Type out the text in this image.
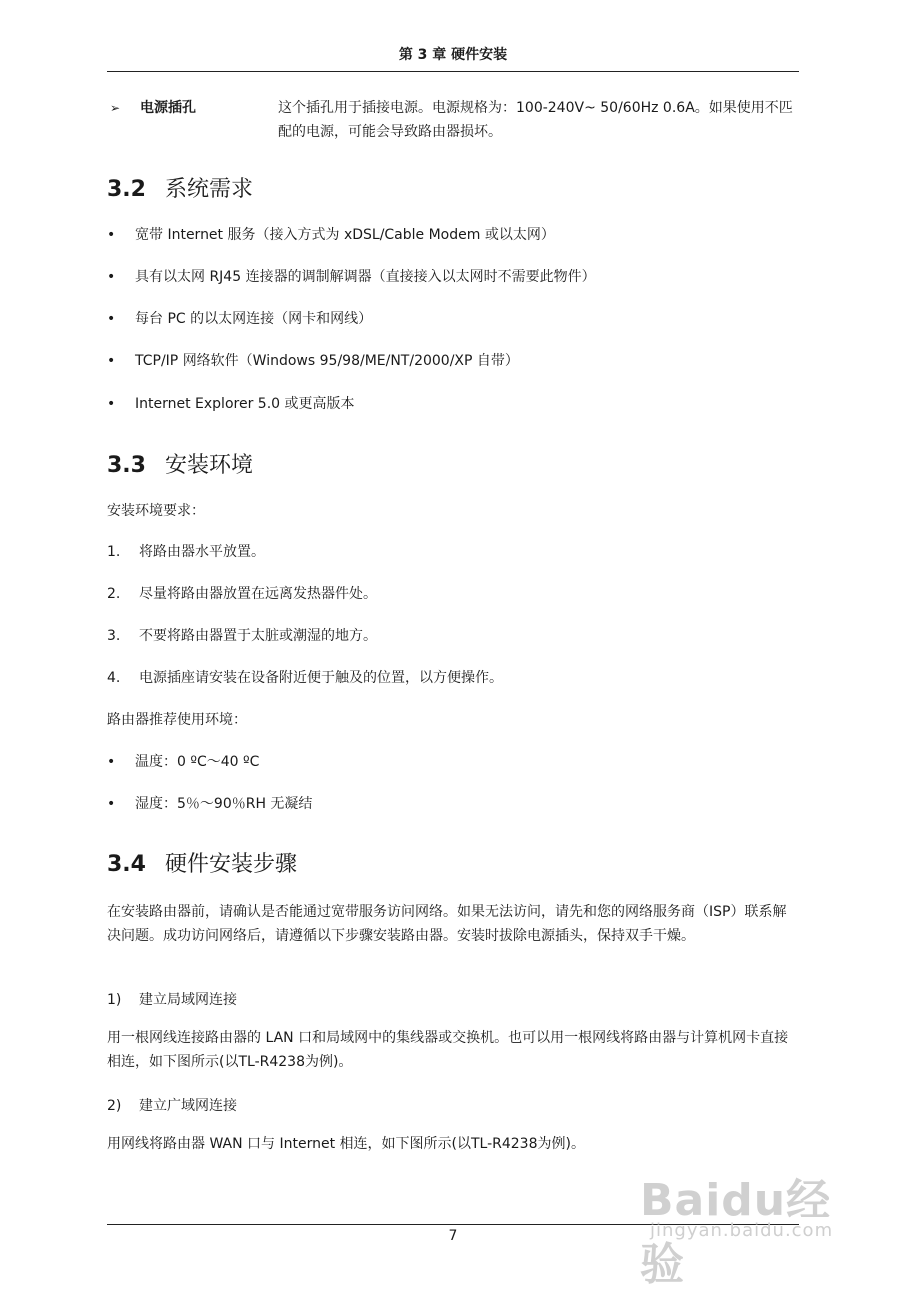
第 3 章 硬件安装
➢ 电源插孔	这个插孔用于插接电源。电源规格为：100-240V~ 50/60Hz 0.6A。如果使用不匹配的电源，可能会导致路由器损坏。
3.2 系统需求
• 宽带 Internet 服务（接入方式为 xDSL/Cable Modem 或以太网）
• 具有以太网 RJ45 连接器的调制解调器（直接接入以太网时不需要此物件）
• 每台 PC 的以太网连接（网卡和网线）
• TCP/IP 网络软件（Windows 95/98/ME/NT/2000/XP 自带）
• Internet Explorer 5.0 或更高版本
3.3 安装环境
安装环境要求：
1. 将路由器水平放置。
2. 尽量将路由器放置在远离发热器件处。
3. 不要将路由器置于太脏或潮湿的地方。
4. 电源插座请安装在设备附近便于触及的位置，以方便操作。
路由器推荐使用环境：
• 温度：0 ºC～40 ºC
• 湿度：5％～90％RH 无凝结
3.4 硬件安装步骤
在安装路由器前，请确认是否能通过宽带服务访问网络。如果无法访问，请先和您的网络服务商（ISP）联系解决问题。成功访问网络后，请遵循以下步骤安装路由器。安装时拔除电源插头，保持双手干燥。
1) 建立局域网连接
用一根网线连接路由器的 LAN 口和局域网中的集线器或交换机。也可以用一根网线将路由器与计算机网卡直接相连，如下图所示(以TL-R4238为例)。
2) 建立广域网连接
用网线将路由器 WAN 口与 Internet 相连，如下图所示(以TL-R4238为例)。
7
Baidu经验
jingyan.baidu.com
